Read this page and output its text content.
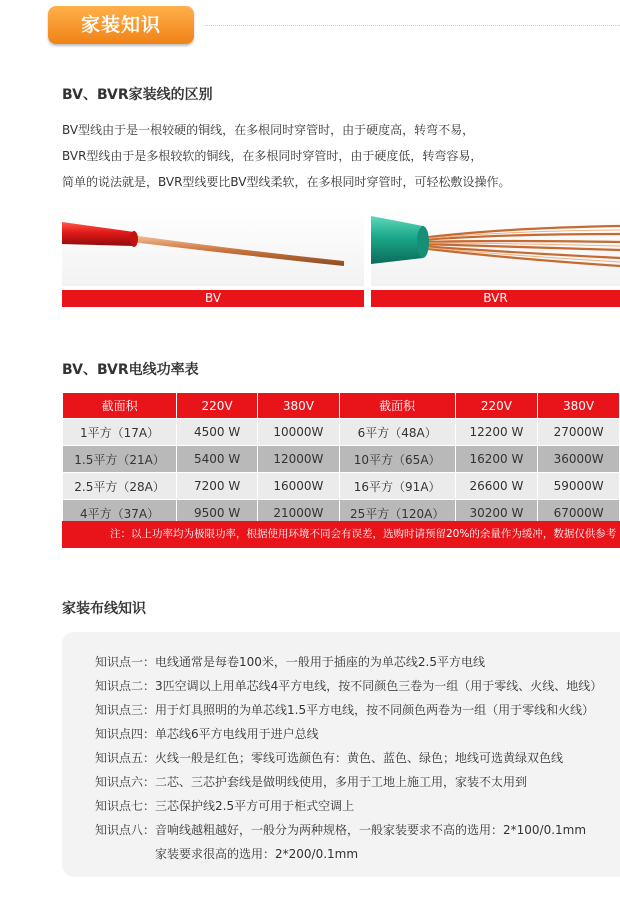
家装知识
BV、BVR家装线的区别
BV型线由于是一根较硬的铜线，在多根同时穿管时，由于硬度高，转弯不易，
BVR型线由于是多根较软的铜线，在多根同时穿管时，由于硬度低，转弯容易，
简单的说法就是，BVR型线要比BV型线柔软，在多根同时穿管时，可轻松敷设操作。
BV	BVR
BV、BVR电线功率表
截面积	220V	380V	截面积	220V	380V
1平方（17A）	4500 W	10000W	6平方（48A）	12200 W	27000W
1.5平方（21A）	5400 W	12000W	10平方（65A）	16200 W	36000W
2.5平方（28A）	7200 W	16000W	16平方（91A）	26600 W	59000W
4平方（37A）	9500 W	21000W	25平方（120A）	30200 W	67000W
注：以上功率均为极限功率，根据使用环境不同会有误差，选购时请预留20%的余量作为缓冲，数据仅供参考
家装布线知识
知识点一： 电线通常是每卷100米，一般用于插座的为单芯线2.5平方电线
知识点二： 3匹空调以上用单芯线4平方电线，按不同颜色三卷为一组（用于零线、火线、地线）
知识点三： 用于灯具照明的为单芯线1.5平方电线，按不同颜色两卷为一组（用于零线和火线）
知识点四： 单芯线6平方电线用于进户总线
知识点五： 火线一般是红色；零线可选颜色有：黄色、蓝色、绿色；地线可选黄绿双色线
知识点六： 二芯、三芯护套线是做明线使用，多用于工地上施工用，家装不太用到
知识点七： 三芯保护线2.5平方可用于柜式空调上
知识点八： 音响线越粗越好，一般分为两种规格，一般家装要求不高的选用：2*100/0.1mm
家装要求很高的选用：2*200/0.1mm
